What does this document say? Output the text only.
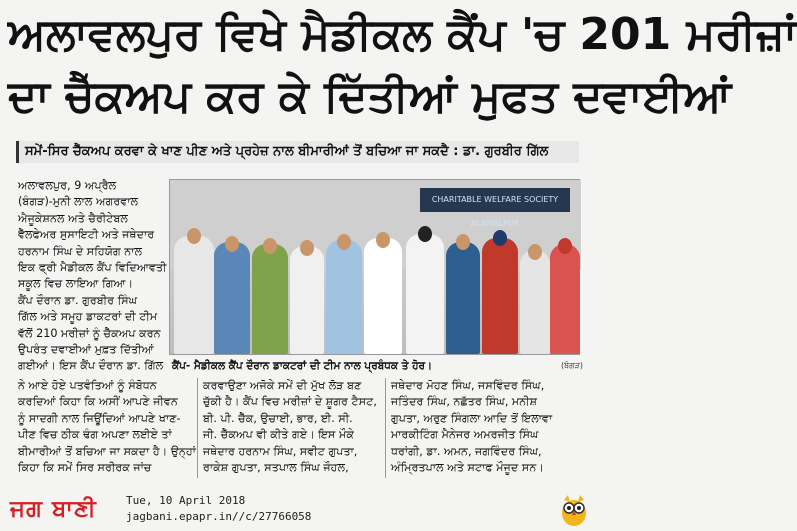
ਅਲਾਵਲਪੁਰ ਵਿਖੇ ਮੈਡੀਕਲ ਕੈਂਪ 'ਚ 201 ਮਰੀਜ਼ਾਂ
ਦਾ ਚੈੱਕਅਪ ਕਰ ਕੇ ਦਿੱਤੀਆਂ ਮੁਫਤ ਦਵਾਈਆਂ
ਸਮੇਂ-ਸਿਰ ਚੈੱਕਅਪ ਕਰਵਾ ਕੇ ਖਾਣ ਪੀਣ ਅਤੇ ਪ੍ਰਹੇਜ਼ ਨਾਲ ਬੀਮਾਰੀਆਂ ਤੋਂ ਬਚਿਆ ਜਾ ਸਕਦੈ : ਡਾ. ਗੁਰਬੀਰ ਗਿੱਲ

ਅਲਾਵਲਪੁਰ, 9 ਅਪ੍ਰੈਲ

(ਬੰਗੜ)-ਮੁਨੀ ਲਾਲ ਅਗਰਵਾਲ

ਐਜੂਕੇਸ਼ਨਲ ਅਤੇ ਚੈਰੀਟੇਬਲ

ਵੈੱਲਫੇਅਰ ਸੁਸਾਇਟੀ ਅਤੇ ਜਥੇਦਾਰ

ਹਰਨਾਮ ਸਿੰਘ ਦੇ ਸਹਿਯੋਗ ਨਾਲ

ਇਕ ਫ੍ਰੀ ਮੈਡੀਕਲ ਕੈਂਪ ਵਿਦਿਆਵਤੀ

ਸਕੂਲ ਵਿਚ ਲਾਇਆ ਗਿਆ।

ਕੈਂਪ ਦੌਰਾਨ ਡਾ. ਗੁਰਬੀਰ ਸਿੰਘ

ਗਿੱਲ ਅਤੇ ਸਮੂਹ ਡਾਕਟਰਾਂ ਦੀ ਟੀਮ

ਵੱਲੋਂ 210 ਮਰੀਜ਼ਾਂ ਨੂੰ ਚੈੱਕਅਪ ਕਰਨ

ਉਪਰੰਤ ਦਵਾਈਆਂ ਮੁਫ਼ਤ ਦਿੱਤੀਆਂ

ਗਈਆਂ। ਇਸ ਕੈਂਪ ਦੌਰਾਨ ਡਾ. ਗਿੱਲ

CHARITABLE WELFARE SOCIETY ALAWALPUR
ਕੈਂਪ- ਮੈਡੀਕਲ ਕੈਂਪ ਦੌਰਾਨ ਡਾਕਟਰਾਂ ਦੀ ਟੀਮ ਨਾਲ ਪ੍ਰਬੰਧਕ ਤੇ ਹੋਰ।	(ਬੰਗੜ)

ਨੇ ਆਏ ਹੋਏ ਪਤਵੰਤਿਆਂ ਨੂੰ ਸੰਬੋਧਨ

ਕਰਦਿਆਂ ਕਿਹਾ ਕਿ ਅਸੀਂ ਆਪਣੇ ਜੀਵਨ

ਨੂੰ ਸਾਦਗੀ ਨਾਲ ਜਿਊਂਦਿਆਂ ਆਪਣੇ ਖਾਣ-

ਪੀਣ ਵਿਚ ਠੀਕ ਢੰਗ ਅਪਣਾ ਲਈਏ ਤਾਂ

ਬੀਮਾਰੀਆਂ ਤੋਂ ਬਚਿਆ ਜਾ ਸਕਦਾ ਹੈ। ਉਨ੍ਹਾਂ

ਕਿਹਾ ਕਿ ਸਮੇਂ ਸਿਰ ਸਰੀਰਕ ਜਾਂਚ

ਕਰਵਾਉਣਾ ਅਜੋਕੇ ਸਮੇਂ ਦੀ ਮੁੱਖ ਲੋੜ ਬਣ

ਚੁੱਕੀ ਹੈ। ਕੈਂਪ ਵਿਚ ਮਰੀਜ਼ਾਂ ਦੇ ਸ਼ੂਗਰ ਟੈਸਟ,

ਬੀ. ਪੀ. ਚੈੱਕ, ਉਚਾਈ, ਭਾਰ, ਈ. ਸੀ.

ਜੀ. ਚੈੱਕਅਪ ਵੀ ਕੀਤੇ ਗਏ। ਇਸ ਮੌਕੇ

ਜਥੇਦਾਰ ਹਰਨਾਮ ਸਿੰਘ, ਸਵੀਟ ਗੁਪਤਾ,

ਰਾਕੇਸ਼ ਗੁਪਤਾ, ਸਤਪਾਲ ਸਿੰਘ ਜੌਹਲ,

ਜਥੇਦਾਰ ਮੋਹਣ ਸਿੰਘ, ਜਸਵਿੰਦਰ ਸਿੰਘ,

ਜਤਿੰਦਰ ਸਿੰਘ, ਨਛੱਤਰ ਸਿੰਘ, ਮਨੀਸ਼

ਗੁਪਤਾ, ਅਰੁਣ ਸਿੰਗਲਾ ਆਦਿ ਤੋਂ ਇਲਾਵਾ

ਮਾਰਕੀਟਿੰਗ ਮੈਨੇਜਰ ਅਮਰਜੀਤ ਸਿੰਘ

ਧਰਾਂਗੀ, ਡਾ. ਅਮਨ, ਜਗਵਿੰਦਰ ਸਿੰਘ,

ਅੰਮ੍ਰਿਤਪਾਲ ਅਤੇ ਸਟਾਫ ਮੌਜੂਦ ਸਨ।

ਜਗ ਬਾਣੀ	Tue, 10 April 2018
jagbani.epapr.in//c/27766058
